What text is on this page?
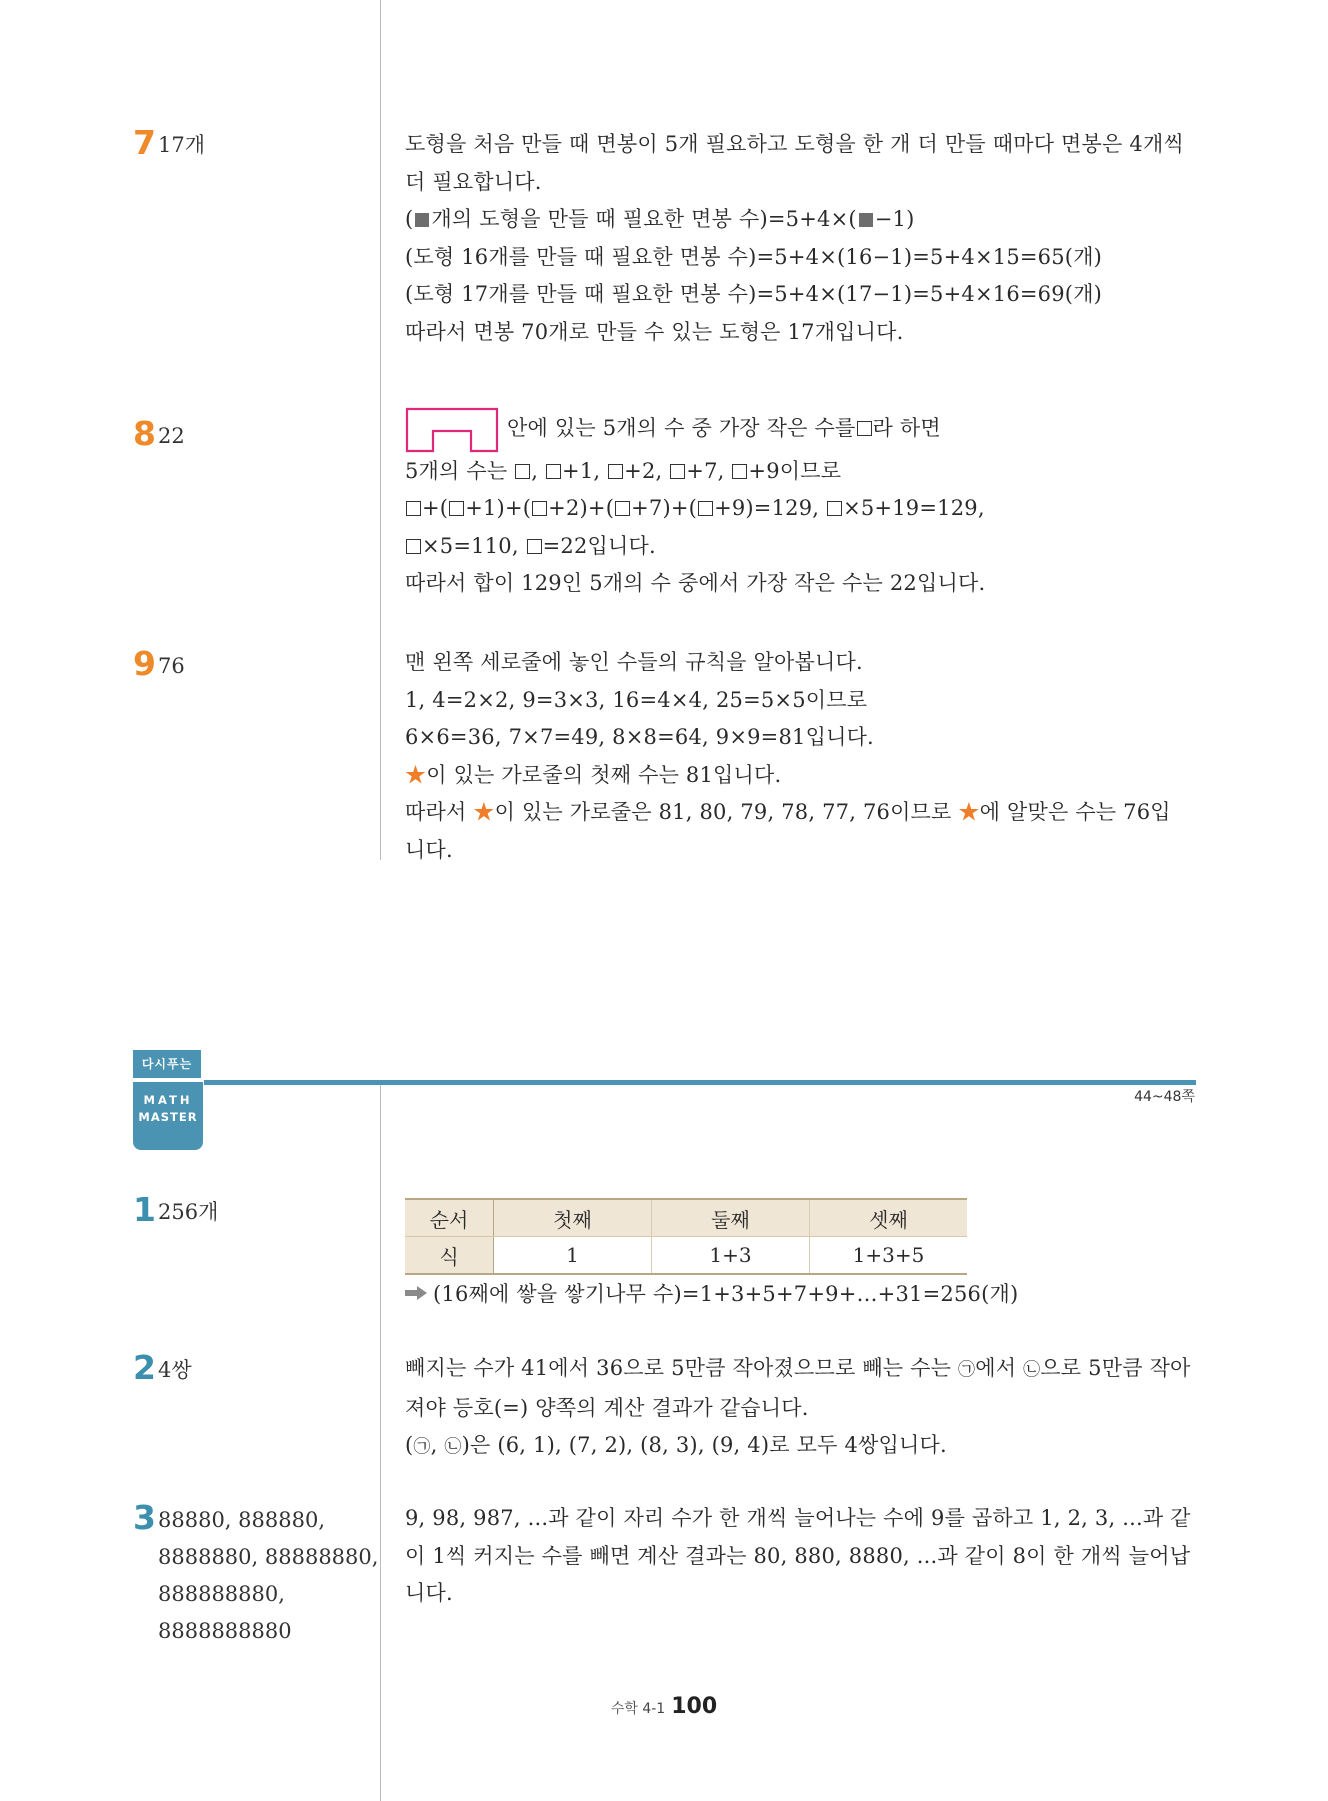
7 17개	도형을 처음 만들 때 면봉이 5개 필요하고 도형을 한 개 더 만들 때마다 면봉은 4개씩
더 필요합니다.
( 개의 도형을 만들 때 필요한 면봉 수)=5+4×( −1)
(도형 16개를 만들 때 필요한 면봉 수)=5+4×(16−1)=5+4×15=65(개)
(도형 17개를 만들 때 필요한 면봉 수)=5+4×(17−1)=5+4×16=69(개)
따라서 면봉 70개로 만들 수 있는 도형은 17개입니다.
8 22	안에 있는 5개의 수 중 가장 작은 수를 라 하면
5개의 수는 , +1, +2, +7, +9이므로
+( +1)+( +2)+( +7)+( +9)=129, ×5+19=129,
×5=110, =22입니다.
따라서 합이 129인 5개의 수 중에서 가장 작은 수는 22입니다.
9 76	맨 왼쪽 세로줄에 놓인 수들의 규칙을 알아봅니다.
1, 4=2×2, 9=3×3, 16=4×4, 25=5×5이므로
6×6=36, 7×7=49, 8×8=64, 9×9=81입니다.
★이 있는 가로줄의 첫째 수는 81입니다.
따라서 ★이 있는 가로줄은 81, 80, 79, 78, 77, 76이므로 ★에 알맞은 수는 76입
니다.
다시푸는
MATH
MASTER
44~48쪽
1 256개	순서	첫째	둘째	셋째
식	1	1+3	1+3+5
(16째에 쌓을 쌓기나무 수)=1+3+5+7+9+…+31=256(개)
2 4쌍	빼지는 수가 41에서 36으로 5만큼 작아졌으므로 빼는 수는 ㉠에서 ㉡으로 5만큼 작아
져야 등호(=) 양쪽의 계산 결과가 같습니다.
(㉠, ㉡)은 (6, 1), (7, 2), (8, 3), (9, 4)로 모두 4쌍입니다.
3 88880, 888880,
8888880, 88888880,
888888880,
8888888880
9, 98, 987, ...과 같이 자리 수가 한 개씩 늘어나는 수에 9를 곱하고 1, 2, 3, ...과 같
이 1씩 커지는 수를 빼면 계산 결과는 80, 880, 8880, ...과 같이 8이 한 개씩 늘어납
니다.
수학 4-1 100
